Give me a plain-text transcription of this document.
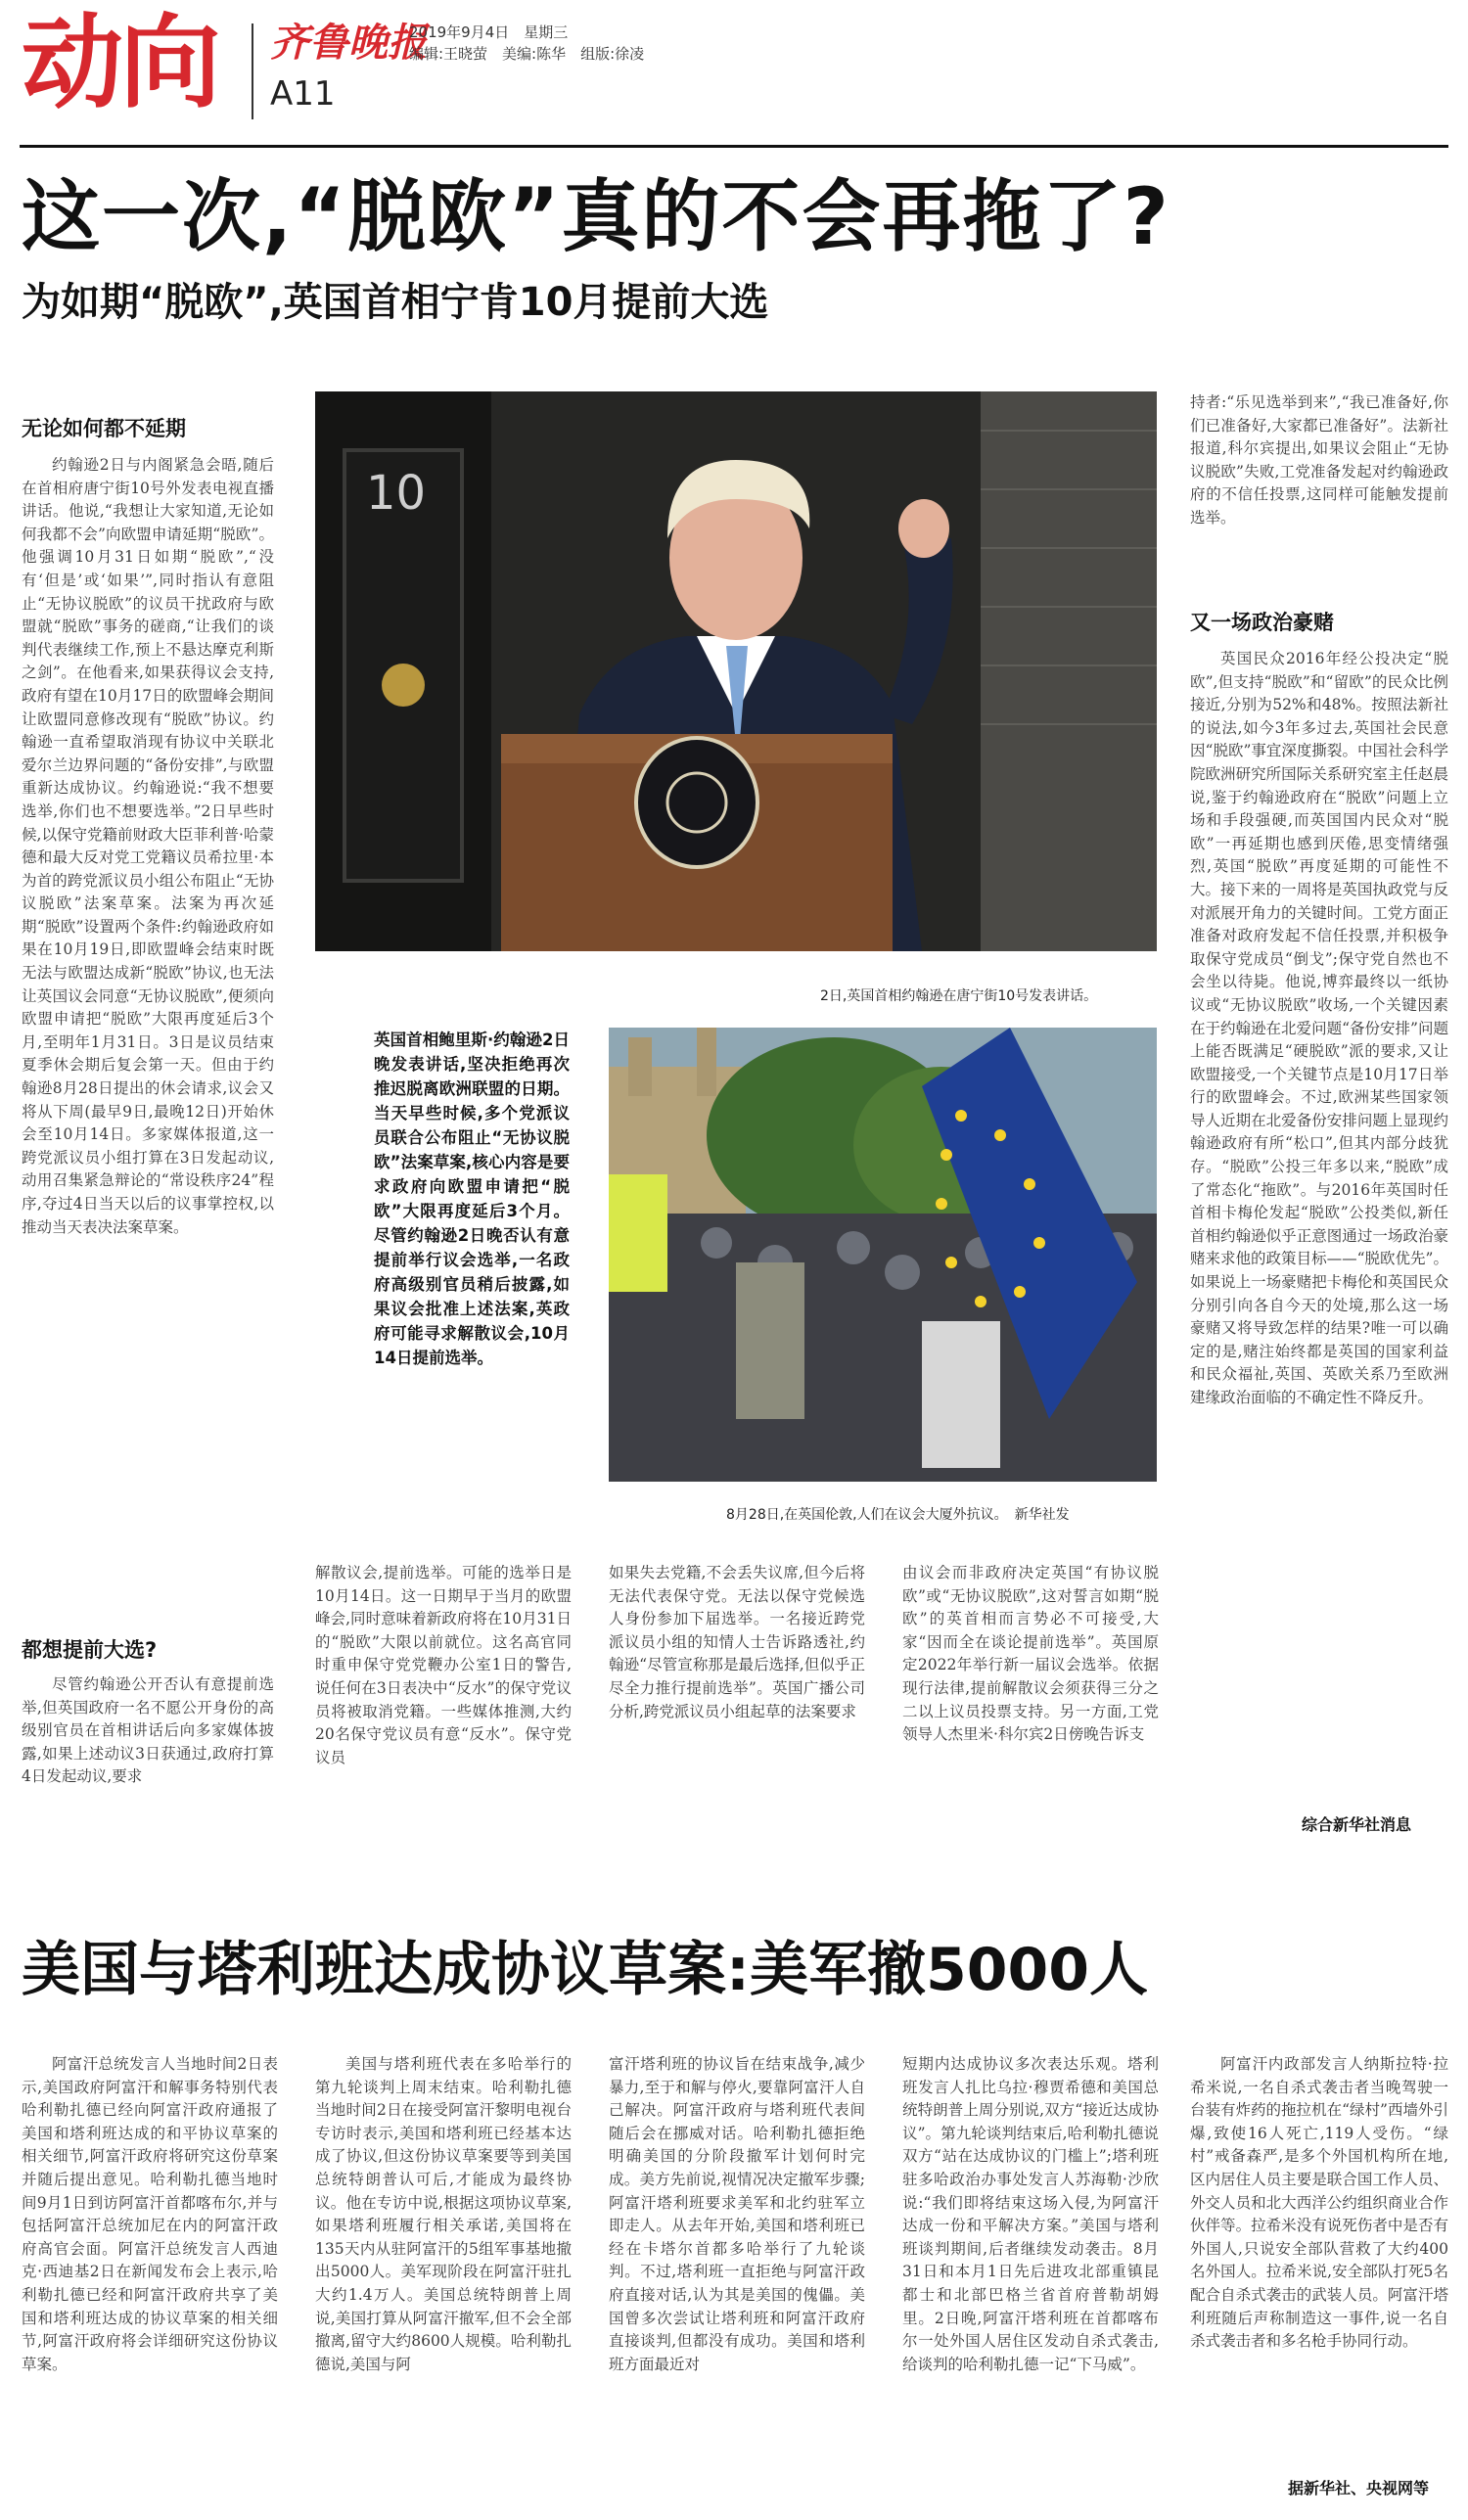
动向 齐鲁晚报
A11
2019年9月4日　 星期三
编辑:王晓萤　美编:陈华　组版:徐凌
这一次,“脱欧”真的不会再拖了?
为如期“脱欧”,英国首相宁肯10月提前大选
无论如何都不延期
约翰逊2日与内阁紧急会晤,随后在首相府唐宁街10号外发表电视直播讲话。他说,“我想让大家知道,无论如何我都不会”向欧盟申请延期“脱欧”。他强调10月31日如期“脱欧”,“没有‘但是’或‘如果’”,同时指认有意阻止“无协议脱欧”的议员干扰政府与欧盟就“脱欧”事务的磋商,“让我们的谈判代表继续工作,预上不悬达摩克利斯之剑”。在他看来,如果获得议会支持,政府有望在10月17日的欧盟峰会期间让欧盟同意修改现有“脱欧”协议。约翰逊一直希望取消现有协议中关联北爱尔兰边界问题的“备份安排”,与欧盟重新达成协议。约翰逊说:“我不想要选举,你们也不想要选举。”2日早些时候,以保守党籍前财政大臣菲利普·哈蒙德和最大反对党工党籍议员希拉里·本为首的跨党派议员小组公布阻止“无协议脱欧”法案草案。法案为再次延期“脱欧”设置两个条件:约翰逊政府如果在10月19日,即欧盟峰会结束时既无法与欧盟达成新“脱欧”协议,也无法让英国议会同意“无协议脱欧”,便须向欧盟申请把“脱欧”大限再度延后3个月,至明年1月31日。3日是议员结束夏季休会期后复会第一天。但由于约翰逊8月28日提出的休会请求,议会又将从下周(最早9日,最晚12日)开始休会至10月14日。多家媒体报道,这一跨党派议员小组打算在3日发起动议,动用召集紧急辩论的“常设秩序24”程序,夺过4日当天以后的议事掌控权,以推动当天表决法案草案。
都想提前大选?
尽管约翰逊公开否认有意提前选举,但英国政府一名不愿公开身份的高级别官员在首相讲话后向多家媒体披露,如果上述动议3日获通过,政府打算4日发起动议,要求
10
2日,英国首相约翰逊在唐宁街10号发表讲话。
英国首相鲍里斯·约翰逊2日晚发表讲话,坚决拒绝再次推迟脱离欧洲联盟的日期。当天早些时候,多个党派议员联合公布阻止“无协议脱欧”法案草案,核心内容是要求政府向欧盟申请把“脱欧”大限再度延后3个月。尽管约翰逊2日晚否认有意提前举行议会选举,一名政府高级别官员稍后披露,如果议会批准上述法案,英政府可能寻求解散议会,10月14日提前选举。
8月28日,在英国伦敦,人们在议会大厦外抗议。　新华社发
解散议会,提前选举。可能的选举日是10月14日。这一日期早于当月的欧盟峰会,同时意味着新政府将在10月31日的“脱欧”大限以前就位。这名高官同时重申保守党党鞭办公室1日的警告,说任何在3日表决中“反水”的保守党议员将被取消党籍。一些媒体推测,大约20名保守党议员有意“反水”。保守党议员
如果失去党籍,不会丢失议席,但今后将无法代表保守党。无法以保守党候选人身份参加下届选举。一名接近跨党派议员小组的知情人士告诉路透社,约翰逊“尽管宣称那是最后选择,但似乎正尽全力推行提前选举”。英国广播公司分析,跨党派议员小组起草的法案要求
由议会而非政府决定英国“有协议脱欧”或“无协议脱欧”,这对誓言如期“脱欧”的英首相而言势必不可接受,大家“因而全在谈论提前选举”。英国原定2022年举行新一届议会选举。依据现行法律,提前解散议会须获得三分之二以上议员投票支持。另一方面,工党领导人杰里米·科尔宾2日傍晚告诉支
持者:“乐见选举到来”,“我已准备好,你们已准备好,大家都已准备好”。法新社报道,科尔宾提出,如果议会阻止“无协议脱欧”失败,工党准备发起对约翰逊政府的不信任投票,这同样可能触发提前选举。
又一场政治豪赌
英国民众2016年经公投决定“脱欧”,但支持“脱欧”和“留欧”的民众比例接近,分别为52%和48%。按照法新社的说法,如今3年多过去,英国社会民意因“脱欧”事宜深度撕裂。中国社会科学院欧洲研究所国际关系研究室主任赵晨说,鉴于约翰逊政府在“脱欧”问题上立场和手段强硬,而英国国内民众对“脱欧”一再延期也感到厌倦,思变情绪强烈,英国“脱欧”再度延期的可能性不大。接下来的一周将是英国执政党与反对派展开角力的关键时间。工党方面正准备对政府发起不信任投票,并积极争取保守党成员“倒戈”;保守党自然也不会坐以待毙。他说,博弈最终以一纸协议或“无协议脱欧”收场,一个关键因素在于约翰逊在北爱问题“备份安排”问题上能否既满足“硬脱欧”派的要求,又让欧盟接受,一个关键节点是10月17日举行的欧盟峰会。不过,欧洲某些国家领导人近期在北爱备份安排问题上显现约翰逊政府有所“松口”,但其内部分歧犹存。“脱欧”公投三年多以来,“脱欧”成了常态化“拖欧”。与2016年英国时任首相卡梅伦发起“脱欧”公投类似,新任首相约翰逊似乎正意图通过一场政治豪赌来求他的政策目标——“脱欧优先”。如果说上一场豪赌把卡梅伦和英国民众分别引向各自今天的处境,那么这一场豪赌又将导致怎样的结果?唯一可以确定的是,赌注始终都是英国的国家利益和民众福祉,英国、英欧关系乃至欧洲建缘政治面临的不确定性不降反升。
综合新华社消息
美国与塔利班达成协议草案:美军撤5000人
阿富汗总统发言人当地时间2日表示,美国政府阿富汗和解事务特别代表哈利勒扎德已经向阿富汗政府通报了美国和塔利班达成的和平协议草案的相关细节,阿富汗政府将研究这份草案并随后提出意见。哈利勒扎德当地时间9月1日到访阿富汗首都喀布尔,并与包括阿富汗总统加尼在内的阿富汗政府高官会面。阿富汗总统发言人西迪克·西迪基2日在新闻发布会上表示,哈利勒扎德已经和阿富汗政府共享了美国和塔利班达成的协议草案的相关细节,阿富汗政府将会详细研究这份协议草案。
美国与塔利班代表在多哈举行的第九轮谈判上周末结束。哈利勒扎德当地时间2日在接受阿富汗黎明电视台专访时表示,美国和塔利班已经基本达成了协议,但这份协议草案要等到美国总统特朗普认可后,才能成为最终协议。他在专访中说,根据这项协议草案,如果塔利班履行相关承诺,美国将在135天内从驻阿富汗的5组军事基地撤出5000人。美军现阶段在阿富汗驻扎大约1.4万人。美国总统特朗普上周说,美国打算从阿富汗撤军,但不会全部撤离,留守大约8600人规模。哈利勒扎德说,美国与阿
富汗塔利班的协议旨在结束战争,减少暴力,至于和解与停火,要靠阿富汗人自己解决。阿富汗政府与塔利班代表间随后会在挪威对话。哈利勒扎德拒绝明确美国的分阶段撤军计划何时完成。美方先前说,视情况决定撤军步骤;阿富汗塔利班要求美军和北约驻军立即走人。从去年开始,美国和塔利班已经在卡塔尔首都多哈举行了九轮谈判。不过,塔利班一直拒绝与阿富汗政府直接对话,认为其是美国的傀儡。美国曾多次尝试让塔利班和阿富汗政府直接谈判,但都没有成功。美国和塔利班方面最近对
短期内达成协议多次表达乐观。塔利班发言人扎比乌拉·穆贾希德和美国总统特朗普上周分别说,双方“接近达成协议”。第九轮谈判结束后,哈利勒扎德说双方“站在达成协议的门槛上”;塔利班驻多哈政治办事处发言人苏海勒·沙欣说:“我们即将结束这场入侵,为阿富汗达成一份和平解决方案。”美国与塔利班谈判期间,后者继续发动袭击。8月31日和本月1日先后进攻北部重镇昆都士和北部巴格兰省首府普勒胡姆里。2日晚,阿富汗塔利班在首都喀布尔一处外国人居住区发动自杀式袭击,给谈判的哈利勒扎德一记“下马威”。
阿富汗内政部发言人纳斯拉特·拉希米说,一名自杀式袭击者当晚驾驶一台装有炸药的拖拉机在“绿村”西墙外引爆,致使16人死亡,119人受伤。“绿村”戒备森严,是多个外国机构所在地,区内居住人员主要是联合国工作人员、外交人员和北大西洋公约组织商业合作伙伴等。拉希米没有说死伤者中是否有外国人,只说安全部队营救了大约400名外国人。拉希米说,安全部队打死5名配合自杀式袭击的武装人员。阿富汗塔利班随后声称制造这一事件,说一名自杀式袭击者和多名枪手协同行动。
据新华社、央视网等
